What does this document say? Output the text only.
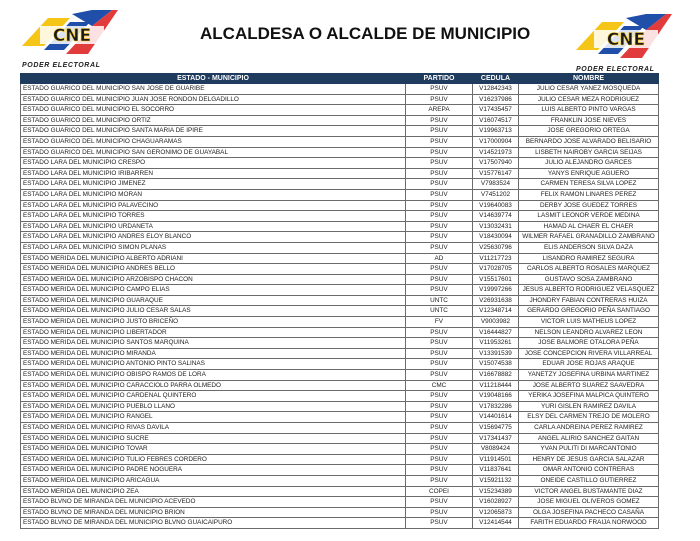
CNE
PODER ELECTORAL
ALCALDESA O ALCALDE DE MUNICIPIO	CNE
PODER ELECTORAL
ESTADO - MUNICIPIO	PARTIDO	CEDULA	NOMBRE
ESTADO GUARICO DEL MUNICIPIO SAN JOSE DE GUARIBE	PSUV	V12842343	JULIO CESAR YANEZ MOSQUEDA
ESTADO GUARICO DEL MUNICIPIO JUAN JOSE RONDON DELGADILLO	PSUV	V16237986	JULIO CESAR MEZA RODRIGUEZ
ESTADO GUARICO DEL MUNICIPIO EL SOCORRO	AREPA	V17435457	LUIS ALBERTO PINTO VARGAS
ESTADO GUARICO DEL MUNICIPIO ORTIZ	PSUV	V16074517	FRANKLIN JOSE NIEVES
ESTADO GUARICO DEL MUNICIPIO SANTA MARIA DE IPIRE	PSUV	V19963713	JOSE GREGORIO ORTEGA
ESTADO GUARICO DEL MUNICIPIO CHAGUARAMAS	PSUV	V17000904	BERNARDO JOSE ALVARADO BELISARIO
ESTADO GUARICO DEL MUNICIPIO SAN GERONIMO DE GUAYABAL	PSUV	V14521973	LISBETH NAIROBY GARCIA SEIJAS
ESTADO LARA DEL MUNICIPIO CRESPO	PSUV	V17507940	JULIO ALEJANDRO GARCES
ESTADO LARA DEL MUNICIPIO IRIBARREN	PSUV	V15776147	YANYS ENRIQUE AGUERO
ESTADO LARA DEL MUNICIPIO JIMENEZ	PSUV	V7983524	CARMEN TERESA SILVA LOPEZ
ESTADO LARA DEL MUNICIPIO MORAN	PSUV	V7451202	FELIX RAMON LINARES PEREZ
ESTADO LARA DEL MUNICIPIO PALAVECINO	PSUV	V19640083	DERBY JOSE GUEDEZ TORRES
ESTADO LARA DEL MUNICIPIO TORRES	PSUV	V14639774	LASMIT LEONOR VERDE MEDINA
ESTADO LARA DEL MUNICIPIO URDANETA	PSUV	V13032431	HAMAD AL CHAER EL CHAER
ESTADO LARA DEL MUNICIPIO ANDRES ELOY BLANCO	PSUV	V18430094	WILMER RAFAEL GRANADILLO ZAMBRANO
ESTADO LARA DEL MUNICIPIO SIMON PLANAS	PSUV	V25630796	ELIS ANDERSON SILVA DAZA
ESTADO MERIDA DEL MUNICIPIO ALBERTO ADRIANI	AD	V11217723	LISANDRO RAMIREZ SEGURA
ESTADO MERIDA DEL MUNICIPIO ANDRES BELLO	PSUV	V17028705	CARLOS ALBERTO ROSALES MARQUEZ
ESTADO MERIDA DEL MUNICIPIO ARZOBISPO CHACON	PSUV	V15517601	GUSTAVO SOSA ZAMBRANO
ESTADO MERIDA DEL MUNICIPIO CAMPO ELIAS	PSUV	V19997266	JESUS ALBERTO RODRIGUEZ VELASQUEZ
ESTADO MERIDA DEL MUNICIPIO GUARAQUE	UNTC	V26931638	JHONDRY FABIAN CONTRERAS HUIZA
ESTADO MERIDA DEL MUNICIPIO JULIO CESAR SALAS	UNTC	V12348714	GERARDO GREGORIO PEÑA SANTIAGO
ESTADO MERIDA DEL MUNICIPIO JUSTO BRICEÑO	FV	V9003982	VICTOR LUIS MATHEUS LOPEZ
ESTADO MERIDA DEL MUNICIPIO LIBERTADOR	PSUV	V16444827	NELSON LEANDRO ALVAREZ LEON
ESTADO MERIDA DEL MUNICIPIO SANTOS MARQUINA	PSUV	V11953261	JOSE BALMORE OTALORA PEÑA
ESTADO MERIDA DEL MUNICIPIO MIRANDA	PSUV	V13391539	JOSE CONCEPCION RIVERA VILLARREAL
ESTADO MERIDA DEL MUNICIPIO ANTONIO PINTO SALINAS	PSUV	V15074538	EDUAR JOSE ROJAS ARAQUE
ESTADO MERIDA DEL MUNICIPIO OBISPO RAMOS DE LORA	PSUV	V16678882	YANETZY JOSEFINA URBINA MARTINEZ
ESTADO MERIDA DEL MUNICIPIO CARACCIOLO PARRA OLMEDO	CMC	V11218444	JOSE ALBERTO SUAREZ SAAVEDRA
ESTADO MERIDA DEL MUNICIPIO CARDENAL QUINTERO	PSUV	V19048166	YERIKA JOSEFINA MALPICA QUINTERO
ESTADO MERIDA DEL MUNICIPIO PUEBLO LLANO	PSUV	V17832286	YURI GISLEN RAMIREZ DAVILA
ESTADO MERIDA DEL MUNICIPIO RANGEL	PSUV	V14401614	ELSY DEL CARMEN TREJO DE MOLERO
ESTADO MERIDA DEL MUNICIPIO RIVAS DAVILA	PSUV	V15694775	CARLA ANDREINA PEREZ RAMIREZ
ESTADO MERIDA DEL MUNICIPIO SUCRE	PSUV	V17341437	ANGEL ALIRIO SANCHEZ GAITAN
ESTADO MERIDA DEL MUNICIPIO TOVAR	PSUV	V8089424	YVAN PULITI DI MARCANTONIO
ESTADO MERIDA DEL MUNICIPIO TULIO FEBRES CORDERO	PSUV	V11914501	HENRY DE JESUS GARCIA SALAZAR
ESTADO MERIDA DEL MUNICIPIO PADRE NOGUERA	PSUV	V11837641	OMAR ANTONIO CONTRERAS
ESTADO MERIDA DEL MUNICIPIO ARICAGUA	PSUV	V15921132	ONEIDE CASTILLO GUTIERREZ
ESTADO MERIDA DEL MUNICIPIO ZEA	COPEI	V15234389	VICTOR ANGEL BUSTAMANTE DIAZ
ESTADO BLVNO DE MIRANDA DEL MUNICIPIO ACEVEDO	PSUV	V16028927	JOSE MIGUEL OLIVEROS GOMEZ
ESTADO BLVNO DE MIRANDA DEL MUNICIPIO BRION	PSUV	V12065873	OLGA JOSEFINA PACHECO CASAÑA
ESTADO BLVNO DE MIRANDA DEL MUNICIPIO BLVNO GUAICAIPURO	PSUV	V12414544	FARITH EDUARDO FRAIJA NORWOOD
